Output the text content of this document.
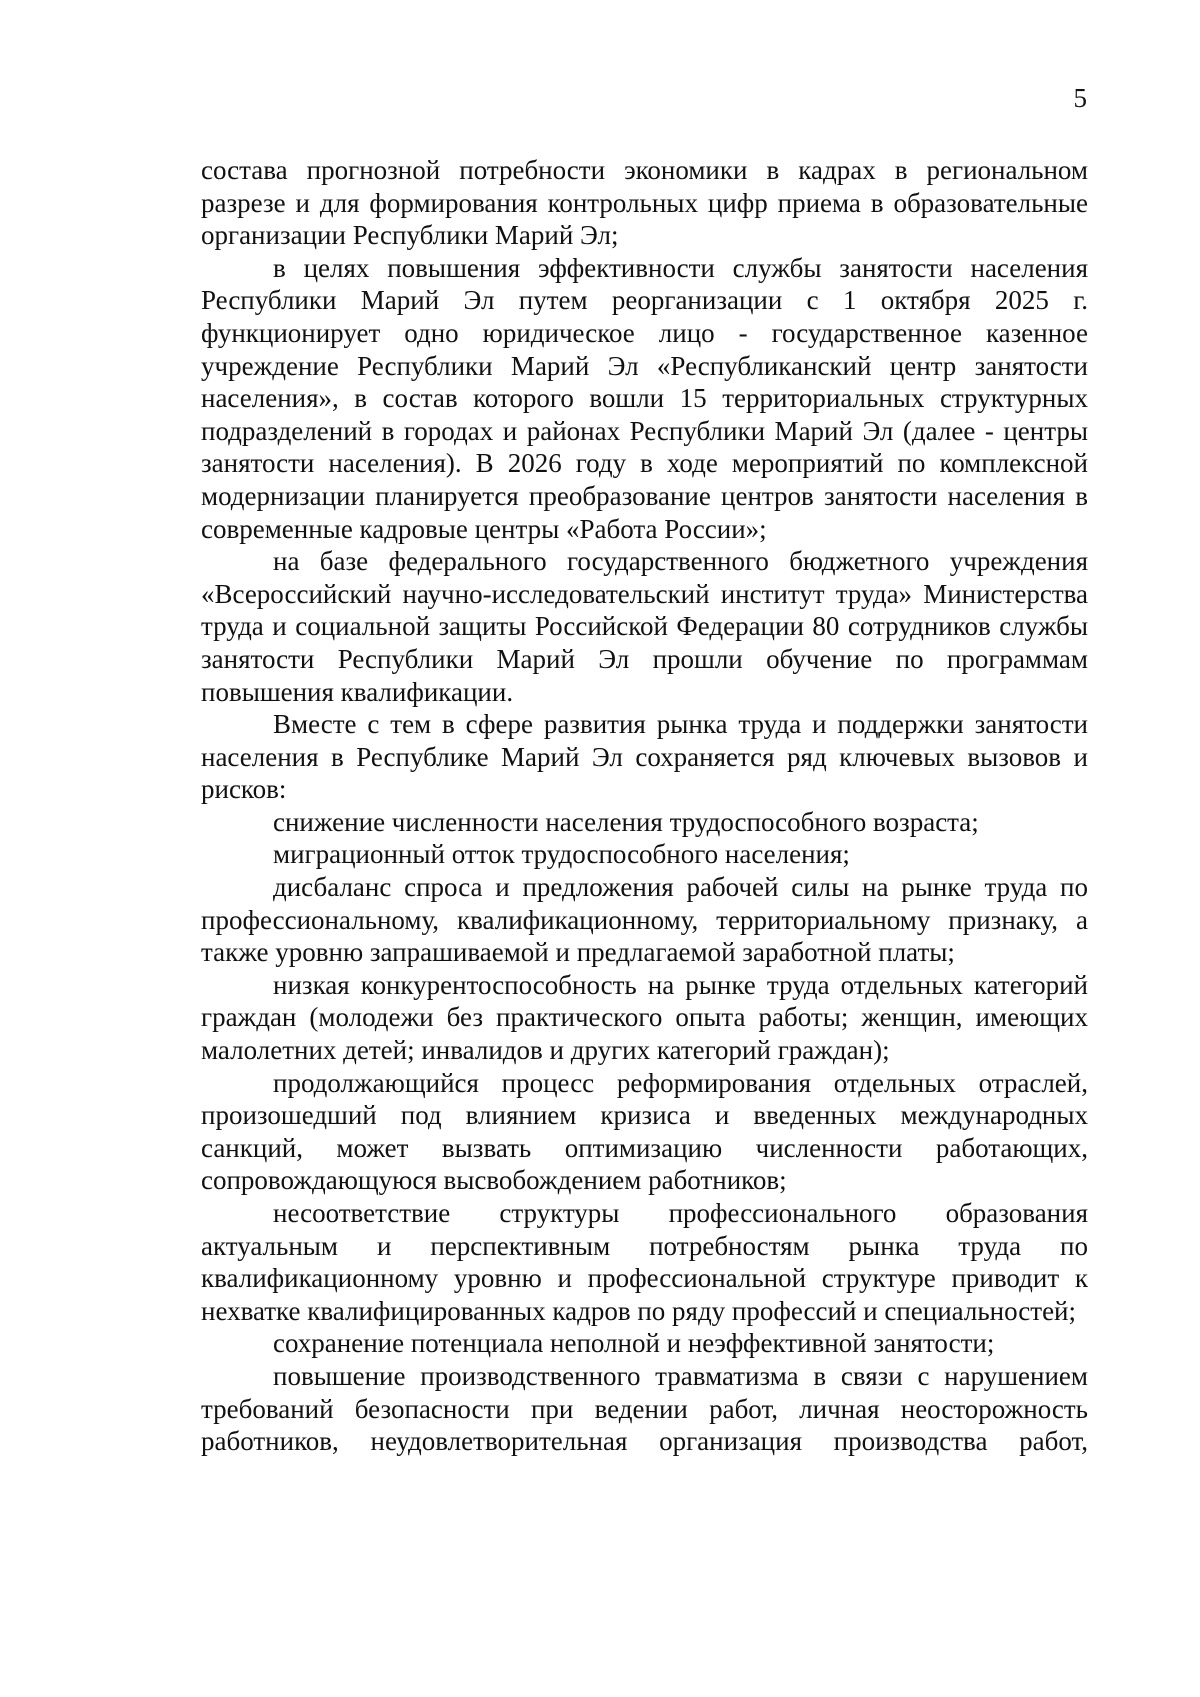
5

состава прогнозной потребности экономики в кадрах в региональном разрезе и для формирования контрольных цифр приема в образовательные организации Республики Марий Эл;

в целях повышения эффективности службы занятости населения Республики Марий Эл путем реорганизации с 1 октября 2025 г. функционирует одно юридическое лицо - государственное казенное учреждение Республики Марий Эл «Республиканский центр занятости населения», в состав которого вошли 15 территориальных структурных подразделений в городах и районах Республики Марий Эл (далее - центры занятости населения). В 2026 году в ходе мероприятий по комплексной модернизации планируется преобразование центров занятости населения в современные кадровые центры «Работа России»;

на базе федерального государственного бюджетного учреждения «Всероссийский научно-исследовательский институт труда» Министерства труда и социальной защиты Российской Федерации 80 сотрудников службы занятости Республики Марий Эл прошли обучение по программам повышения квалификации.

Вместе с тем в сфере развития рынка труда и поддержки занятости населения в Республике Марий Эл сохраняется ряд ключевых вызовов и рисков:

снижение численности населения трудоспособного возраста;

миграционный отток трудоспособного населения;

дисбаланс спроса и предложения рабочей силы на рынке труда по профессиональному, квалификационному, территориальному признаку, а также уровню запрашиваемой и предлагаемой заработной платы;

низкая конкурентоспособность на рынке труда отдельных категорий граждан (молодежи без практического опыта работы; женщин, имеющих малолетних детей; инвалидов и других категорий граждан);

продолжающийся процесс реформирования отдельных отраслей, произошедший под влиянием кризиса и введенных международных санкций, может вызвать оптимизацию численности работающих, сопровождающуюся высвобождением работников;

несоответствие структуры профессионального образования актуальным и перспективным потребностям рынка труда по квалификационному уровню и профессиональной структуре приводит к нехватке квалифицированных кадров по ряду профессий и специальностей;

сохранение потенциала неполной и неэффективной занятости;

повышение производственного травматизма в связи с нарушением требований безопасности при ведении работ, личная неосторожность работников, неудовлетворительная организация производства работ,
